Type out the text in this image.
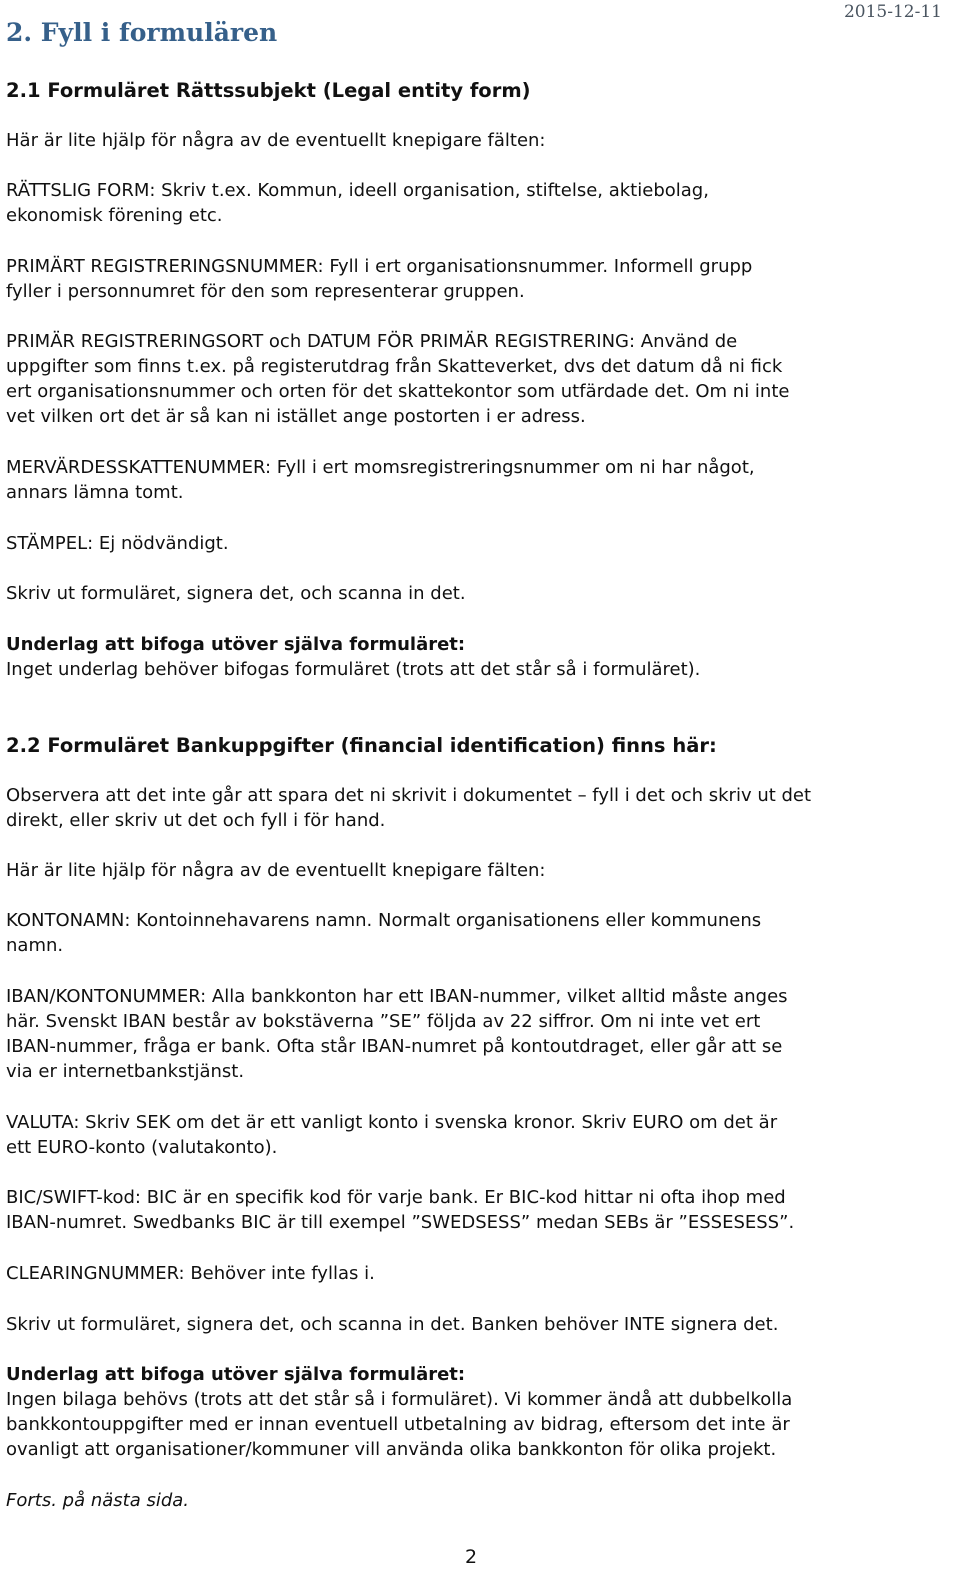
2015-12-11
2. Fyll i formulären
2.1 Formuläret Rättssubjekt (Legal entity form)
Här är lite hjälp för några av de eventuellt knepigare fälten:
RÄTTSLIG FORM: Skriv t.ex. Kommun, ideell organisation, stiftelse, aktiebolag,
ekonomisk förening etc.
PRIMÄRT REGISTRERINGSNUMMER: Fyll i ert organisationsnummer. Informell grupp
fyller i personnumret för den som representerar gruppen.
PRIMÄR REGISTRERINGSORT och DATUM FÖR PRIMÄR REGISTRERING: Använd de
uppgifter som finns t.ex. på registerutdrag från Skatteverket, dvs det datum då ni fick
ert organisationsnummer och orten för det skattekontor som utfärdade det. Om ni inte
vet vilken ort det är så kan ni istället ange postorten i er adress.
MERVÄRDESSKATTENUMMER: Fyll i ert momsregistreringsnummer om ni har något,
annars lämna tomt.
STÄMPEL: Ej nödvändigt.
Skriv ut formuläret, signera det, och scanna in det.
Underlag att bifoga utöver själva formuläret:
Inget underlag behöver bifogas formuläret (trots att det står så i formuläret).
2.2 Formuläret Bankuppgifter (financial identification) finns här:
Observera att det inte går att spara det ni skrivit i dokumentet – fyll i det och skriv ut det
direkt, eller skriv ut det och fyll i för hand.
Här är lite hjälp för några av de eventuellt knepigare fälten:
KONTONAMN: Kontoinnehavarens namn. Normalt organisationens eller kommunens
namn.
IBAN/KONTONUMMER: Alla bankkonton har ett IBAN-nummer, vilket alltid måste anges
här. Svenskt IBAN består av bokstäverna ”SE” följda av 22 siffror. Om ni inte vet ert
IBAN-nummer, fråga er bank. Ofta står IBAN-numret på kontoutdraget, eller går att se
via er internetbankstjänst.
VALUTA: Skriv SEK om det är ett vanligt konto i svenska kronor. Skriv EURO om det är
ett EURO-konto (valutakonto).
BIC/SWIFT-kod: BIC är en specifik kod för varje bank. Er BIC-kod hittar ni ofta ihop med
IBAN-numret. Swedbanks BIC är till exempel ”SWEDSESS” medan SEBs är ”ESSESESS”.
CLEARINGNUMMER: Behöver inte fyllas i.
Skriv ut formuläret, signera det, och scanna in det. Banken behöver INTE signera det.
Underlag att bifoga utöver själva formuläret:
Ingen bilaga behövs (trots att det står så i formuläret). Vi kommer ändå att dubbelkolla
bankkontouppgifter med er innan eventuell utbetalning av bidrag, eftersom det inte är
ovanligt att organisationer/kommuner vill använda olika bankkonton för olika projekt.
Forts. på nästa sida.
2
